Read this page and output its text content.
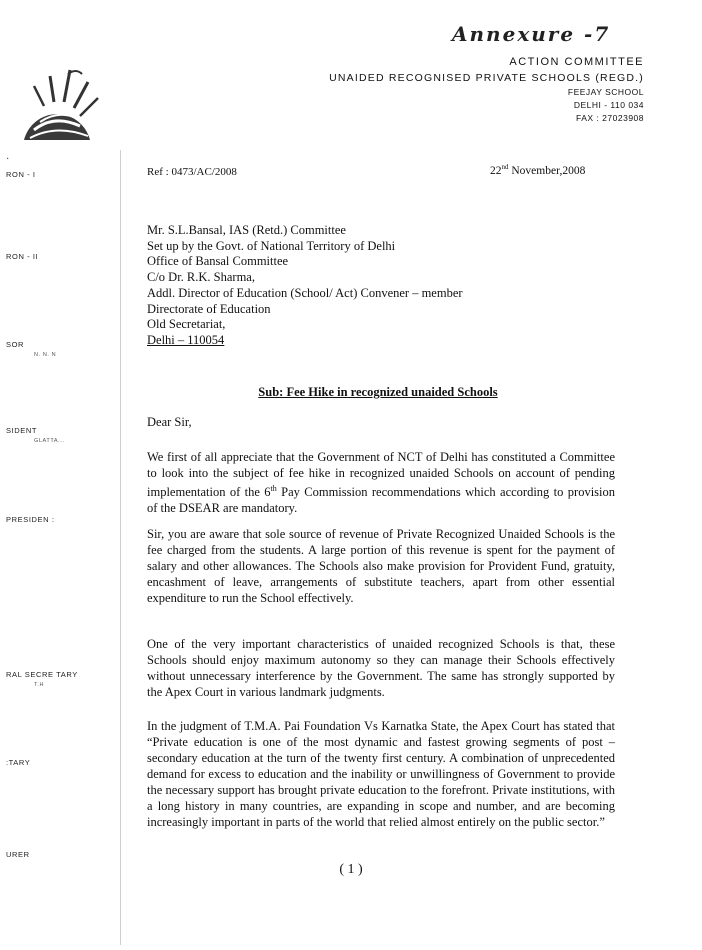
Annexure -7
ACTION COMMITTEE
UNAIDED RECOGNISED PRIVATE SCHOOLS (REGD.)
FEEJAY SCHOOL
DELHI - 110 034
FAX : 27023908
·
RON - I
RON - II
SOR
N. N. N
SIDENT
GLATTA...
PRESIDEN :
RAL SECRE TARY
T.H
:TARY
URER
Ref : 0473/AC/2008	22nd November,2008
Mr. S.L.Bansal, IAS (Retd.) Committee
Set up by the Govt. of National Territory of Delhi
Office of Bansal Committee
C/o Dr. R.K. Sharma,
Addl. Director of Education (School/ Act) Convener – member
Directorate of Education
Old Secretariat,
Delhi – 110054
Sub: Fee Hike in recognized unaided Schools
Dear Sir,

We first of all appreciate that the Government of NCT of Delhi has constituted a Committee to look into the subject of fee hike in recognized unaided Schools on account of pending implementation of the 6th Pay Commission recommendations which according to provision of the DSEAR are mandatory.

Sir, you are aware that sole source of revenue of Private Recognized Unaided Schools is the fee charged from the students. A large portion of this revenue is spent for the payment of salary and other allowances. The Schools also make provision for Provident Fund, gratuity, encashment of leave, arrangements of substitute teachers, apart from other essential expenditure to run the School effectively.

One of the very important characteristics of unaided recognized Schools is that, these Schools should enjoy maximum autonomy so they can manage their Schools effectively without unnecessary interference by the Government. The same has strongly supported by the Apex Court in various landmark judgments.

In the judgment of T.M.A. Pai Foundation Vs Karnatka State, the Apex Court has stated that “Private education is one of the most dynamic and fastest growing segments of post – secondary education at the turn of the twenty first century. A combination of unprecedented demand for excess to education and the inability or unwillingness of Government to provide the necessary support has brought private education to the forefront. Private institutions, with a long history in many countries, are expanding in scope and number, and are becoming increasingly important in parts of the world that relied almost entirely on the public sector.”

( 1 )
